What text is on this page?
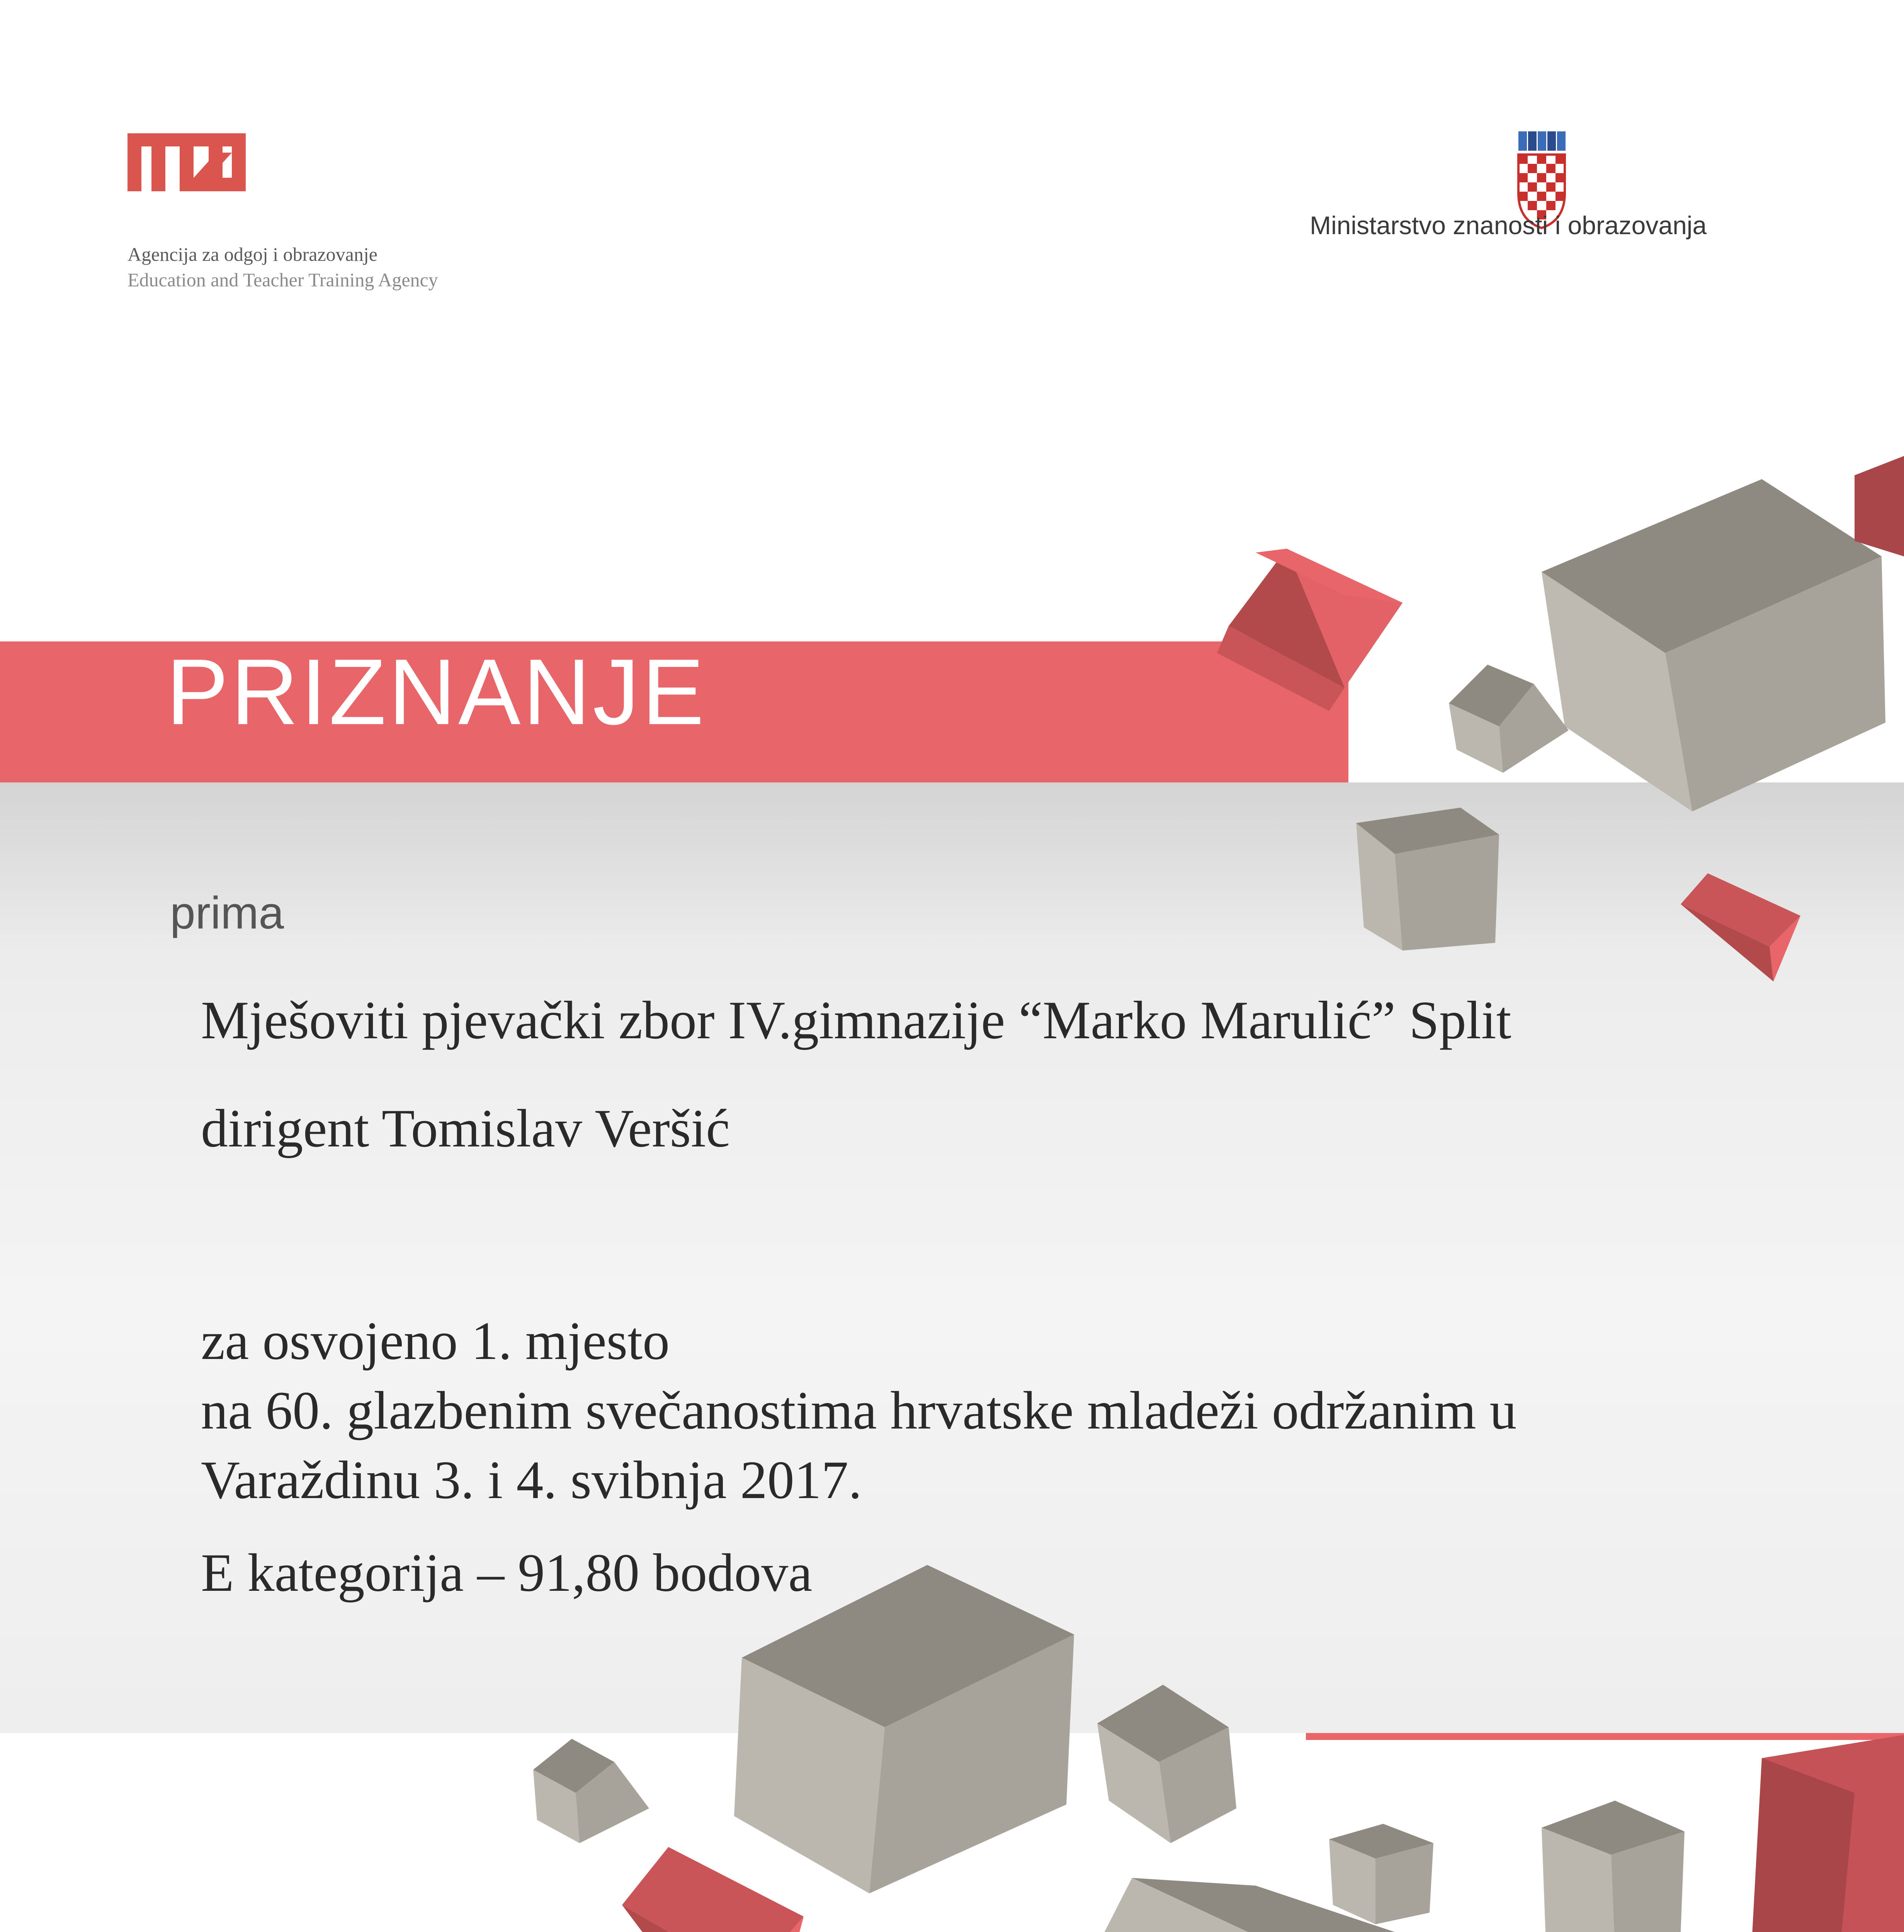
Agencija za odgoj i obrazovanje
Education and Teacher Training Agency
Ministarstvo znanosti i obrazovanja
PRIZNANJE
prima
Mješoviti pjevački zbor IV.gimnazije “Marko Marulić” Split
dirigent Tomislav Veršić
za osvojeno 1. mjesto
na 60. glazbenim svečanostima hrvatske mladeži održanim u
Varaždinu 3. i 4. svibnja 2017.
E kategorija – 91,80 bodova
